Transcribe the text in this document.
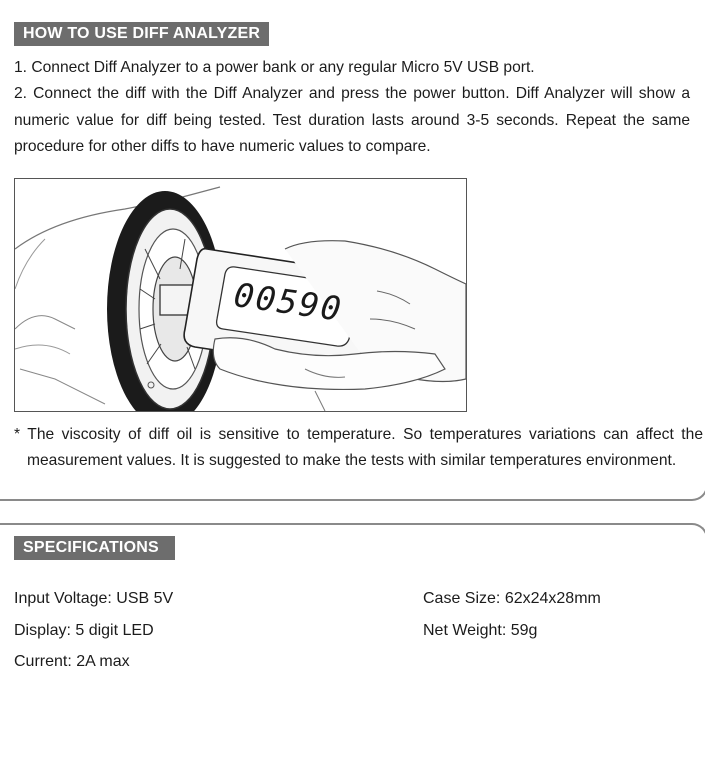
HOW TO USE DIFF ANALYZER

1. Connect Diff Analyzer to a power bank or any regular Micro 5V USB port.

2. Connect the diff with the Diff Analyzer and press the power button. Diff Analyzer will show a numeric value for diff being tested. Test duration lasts around 3-5 seconds. Repeat the same procedure for other diffs to have numeric values to compare.

00590

* The viscosity of diff oil is sensitive to temperature. So temperatures variations can affect the measurement values. It is suggested to make the tests with similar temperatures environment.

SPECIFICATIONS
Input Voltage: USB 5V
Display: 5 digit LED
Current: 2A max
Case Size: 62x24x28mm
Net Weight: 59g
